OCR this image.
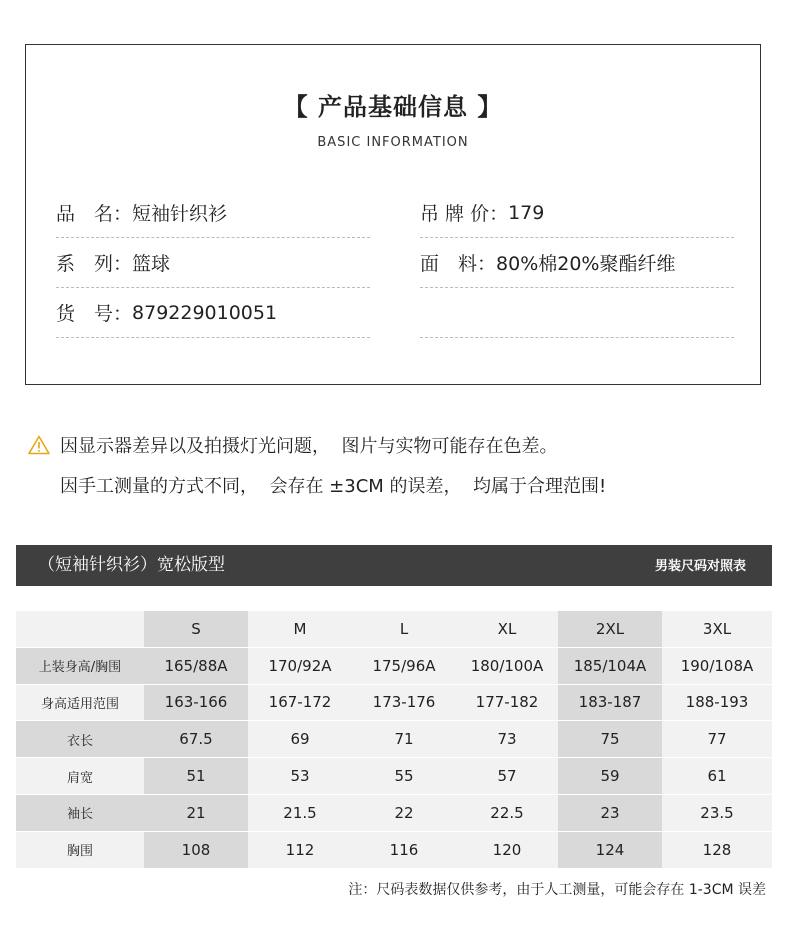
【 产品基础信息 】
BASIC INFORMATION
品　名： 短袖针织衫
系　列： 篮球
货　号： 879229010051
吊 牌 价： 179
面　料： 80%棉20%聚酯纤维
因显示器差异以及拍摄灯光问题，  图片与实物可能存在色差。
因手工测量的方式不同，  会存在 ±3CM 的误差，  均属于合理范围!
（短袖针织衫）宽松版型	男装尺码对照表
	S	M	L	XL	2XL	3XL
上装身高/胸围	165/88A	170/92A	175/96A	180/100A	185/104A	190/108A
身高适用范围	163-166	167-172	173-176	177-182	183-187	188-193
衣长	67.5	69	71	73	75	77
肩宽	51	53	55	57	59	61
袖长	21	21.5	22	22.5	23	23.5
胸围	108	112	116	120	124	128
注：尺码表数据仅供参考，由于人工测量，可能会存在 1-3CM 误差
